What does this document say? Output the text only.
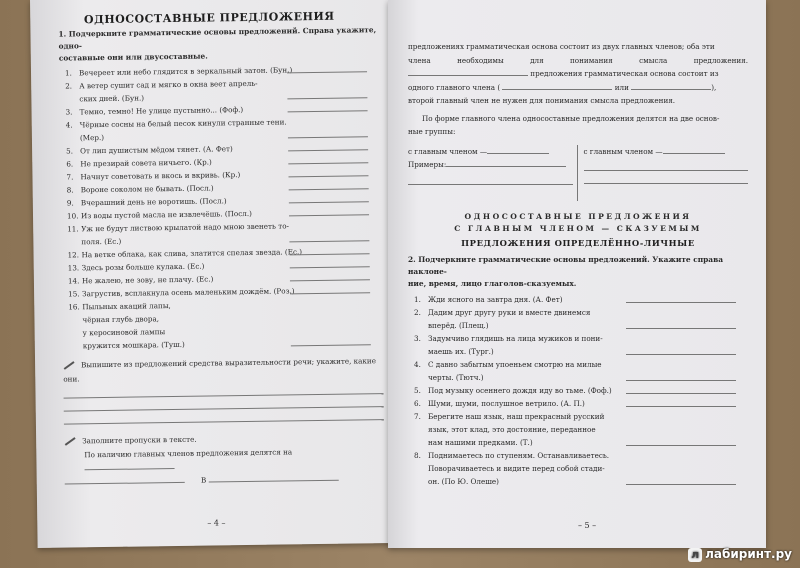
ОДНОСОСТАВНЫЕ ПРЕДЛОЖЕНИЯ
1. Подчеркните грамматические основы предложений. Справа укажите, одно-
составные они или двусоставные.
1. Вечереет или небо глядится в зеркальный затон. (Бун.)
2. А ветер сушит сад и мягко в окна веет апрель-
ских дней. (Бун.)
3. Темно, темно! Не улице пустынно... (Фоф.)
4. Чёрные сосны на белый песок кинули странные тени.
(Мер.)
5. От лип душистым мёдом тянет. (А. Фет)
6. Не презирай совета ничьего. (Кр.)
7. Начнут советовать и вкось и вкривь. (Кр.)
8. Вороне соколом не бывать. (Посл.)
9. Вчерашний день не воротишь. (Посл.)
10. Из воды пустой масла не извлечёшь. (Посл.)
11. Уж не будут листвою крылатой надо мною звенеть то-
поля. (Ес.)
12. На ветке облака, как слива, златится спелая звезда. (Ес.)
13. Здесь розы больше кулака. (Ес.)
14. Не жалею, не зову, не плачу. (Ес.)
15. Загрустив, всплакнула осень маленьким дождём. (Роз.)
16. Пыльных акаций лапы,
чёрная глубь двора,
у керосиновой лампы
кружится мошкара. (Туш.)
Выпишите из предложений средства выразительности речи; укажите, какие они.
Заполните пропуски в тексте.
По наличию главных членов предложения делятся на
В
– 4 –
предложениях грамматическая основа состоит из двух главных членов; оба эти
члена	необходимы	для	понимания	смысла	предложения.
предложения грамматическая основа состоит из
одного главного члена (	или	),
второй главный член не нужен для понимания смысла предложения.
По форме главного члена односоставные предложения делятся на две основ-
ные группы:
с главным членом —
Примеры:
с главным членом —
ОДНОСОСТАВНЫЕ ПРЕДЛОЖЕНИЯ
С ГЛАВНЫМ ЧЛЕНОМ — СКАЗУЕМЫМ
ПРЕДЛОЖЕНИЯ ОПРЕДЕЛЁННО-ЛИЧНЫЕ
2. Подчеркните грамматические основы предложений. Укажите справа наклоне-
ние, время, лицо глаголов-сказуемых.
1. Жди ясного на завтра дня. (А. Фет)
2. Дадим друг другу руки и вместе двинемся
вперёд. (Плещ.)
3. Задумчиво глядишь на лица мужиков и пони-
маешь их. (Тург.)
4. С давно забытым упоеньем смотрю на милые
черты. (Тютч.)
5. Под музыку осеннего дождя иду во тьме. (Фоф.)
6. Шуми, шуми, послушное ветрило. (А. П.)
7. Берегите наш язык, наш прекрасный русский
язык, этот клад, это достояние, переданное
нам нашими предками. (Т.)
8. Поднимаетесь по ступеням. Останавливаетесь.
Поворачиваетесь и видите перед собой стади-
он. (По Ю. Олеше)
– 5 –
л лабиринт.ру
